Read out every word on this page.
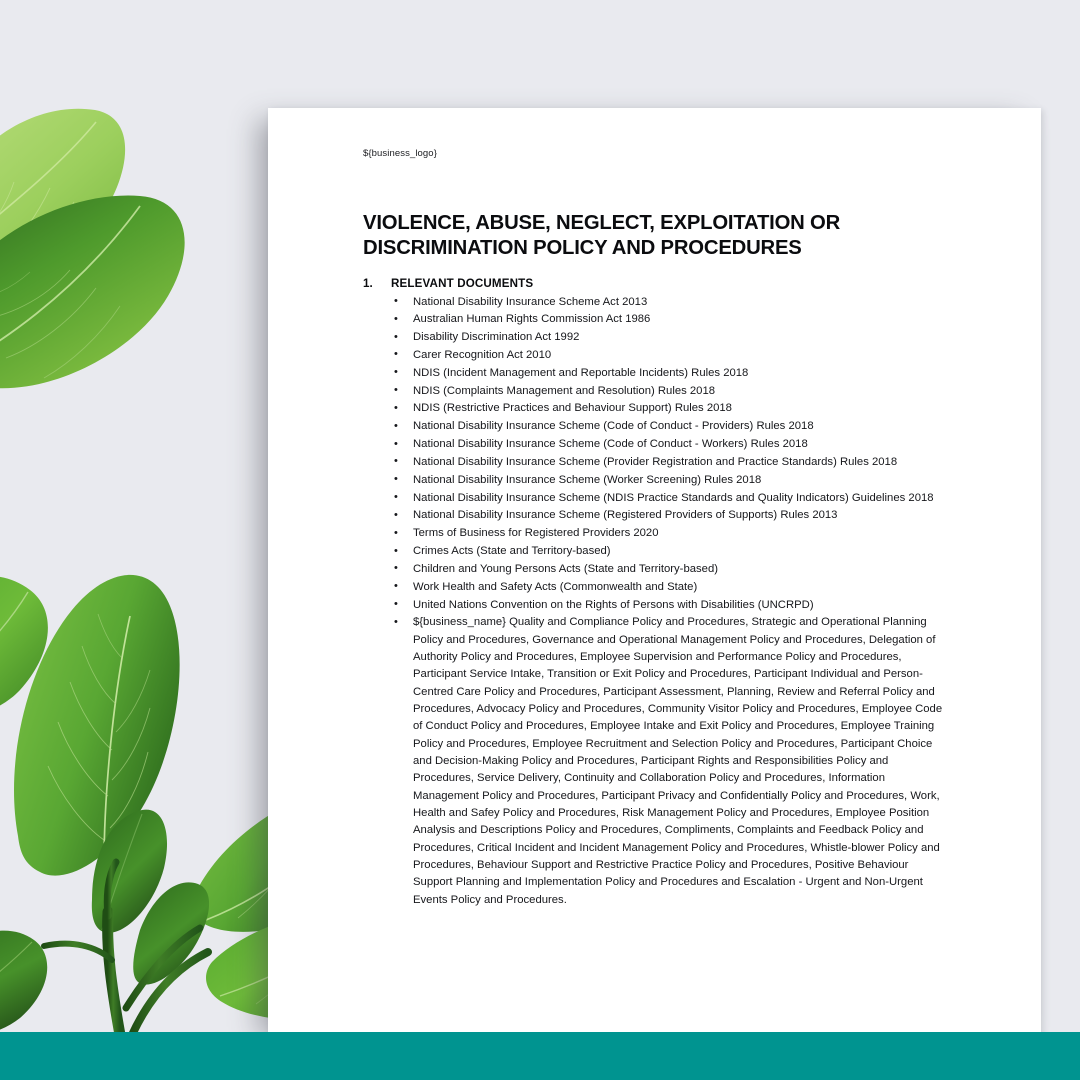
${business_logo}
VIOLENCE, ABUSE, NEGLECT, EXPLOITATION OR DISCRIMINATION POLICY AND PROCEDURES
1.	RELEVANT DOCUMENTS
• National Disability Insurance Scheme Act 2013
• Australian Human Rights Commission Act 1986
• Disability Discrimination Act 1992
• Carer Recognition Act 2010
• NDIS (Incident Management and Reportable Incidents) Rules 2018
• NDIS (Complaints Management and Resolution) Rules 2018
• NDIS (Restrictive Practices and Behaviour Support) Rules 2018
• National Disability Insurance Scheme (Code of Conduct - Providers) Rules 2018
• National Disability Insurance Scheme (Code of Conduct - Workers) Rules 2018
• National Disability Insurance Scheme (Provider Registration and Practice Standards) Rules 2018
• National Disability Insurance Scheme (Worker Screening) Rules 2018
• National Disability Insurance Scheme (NDIS Practice Standards and Quality Indicators) Guidelines 2018
• National Disability Insurance Scheme (Registered Providers of Supports) Rules 2013
• Terms of Business for Registered Providers 2020
• Crimes Acts (State and Territory-based)
• Children and Young Persons Acts (State and Territory-based)
• Work Health and Safety Acts (Commonwealth and State)
• United Nations Convention on the Rights of Persons with Disabilities (UNCRPD)
• ${business_name} Quality and Compliance Policy and Procedures, Strategic and Operational Planning Policy and Procedures, Governance and Operational Management Policy and Procedures, Delegation of Authority Policy and Procedures, Employee Supervision and Performance Policy and Procedures, Participant Service Intake, Transition or Exit Policy and Procedures, Participant Individual and Person-Centred Care Policy and Procedures, Participant Assessment, Planning, Review and Referral Policy and Procedures, Advocacy Policy and Procedures, Community Visitor Policy and Procedures, Employee Code of Conduct Policy and Procedures, Employee Intake and Exit Policy and Procedures, Employee Training Policy and Procedures, Employee Recruitment and Selection Policy and Procedures, Participant Choice and Decision-Making Policy and Procedures, Participant Rights and Responsibilities Policy and Procedures, Service Delivery, Continuity and Collaboration Policy and Procedures, Information Management Policy and Procedures, Participant Privacy and Confidentially Policy and Procedures, Work, Health and Safey Policy and Procedures, Risk Management Policy and Procedures, Employee Position Analysis and Descriptions Policy and Procedures, Compliments, Complaints and Feedback Policy and Procedures, Critical Incident and Incident Management Policy and Procedures, Whistle-blower Policy and Procedures, Behaviour Support and Restrictive Practice Policy and Procedures, Positive Behaviour Support Planning and Implementation Policy and Procedures and Escalation - Urgent and Non-Urgent Events Policy and Procedures.
